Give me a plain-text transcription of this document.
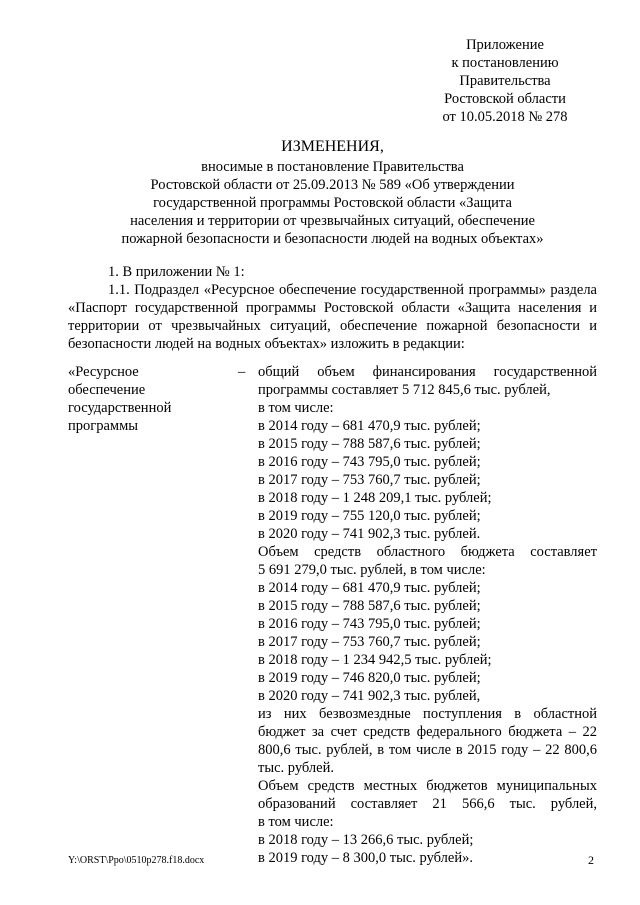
Приложение
к постановлению
Правительства
Ростовской области
от 10.05.2018 № 278
ИЗМЕНЕНИЯ,
вносимые в постановление Правительства
Ростовской области от 25.09.2013 № 589 «Об утверждении
государственной программы Ростовской области «Защита
населения и территории от чрезвычайных ситуаций, обеспечение
пожарной безопасности и безопасности людей на водных объектах»
1. В приложении № 1:
1.1. Подраздел «Ресурсное обеспечение государственной программы» раздела «Паспорт государственной программы Ростовской области «Защита населения и территории от чрезвычайных ситуаций, обеспечение пожарной безопасности и безопасности людей на водных объектах» изложить в редакции:
«Ресурсное
обеспечение
государственной
программы
– общий объем финансирования государственной
программы составляет 5 712 845,6 тыс. рублей,
в том числе:
в 2014 году – 681 470,9 тыс. рублей;
в 2015 году – 788 587,6 тыс. рублей;
в 2016 году – 743 795,0 тыс. рублей;
в 2017 году – 753 760,7 тыс. рублей;
в 2018 году – 1 248 209,1 тыс. рублей;
в 2019 году – 755 120,0 тыс. рублей;
в 2020 году – 741 902,3 тыс. рублей.
Объем средств областного бюджета составляет
5 691 279,0 тыс. рублей, в том числе:
в 2014 году – 681 470,9 тыс. рублей;
в 2015 году – 788 587,6 тыс. рублей;
в 2016 году – 743 795,0 тыс. рублей;
в 2017 году – 753 760,7 тыс. рублей;
в 2018 году – 1 234 942,5 тыс. рублей;
в 2019 году – 746 820,0 тыс. рублей;
в 2020 году – 741 902,3 тыс. рублей,
из них безвозмездные поступления в областной бюджет за счет средств федерального бюджета – 22 800,6 тыс. рублей, в том числе в 2015 году – 22 800,6 тыс. рублей.
Объем средств местных бюджетов муниципальных
образований составляет 21 566,6 тыс. рублей,
в том числе:
в 2018 году – 13 266,6 тыс. рублей;
в 2019 году – 8 300,0 тыс. рублей».
Y:\ORST\Ppo\0510p278.f18.docx	2
